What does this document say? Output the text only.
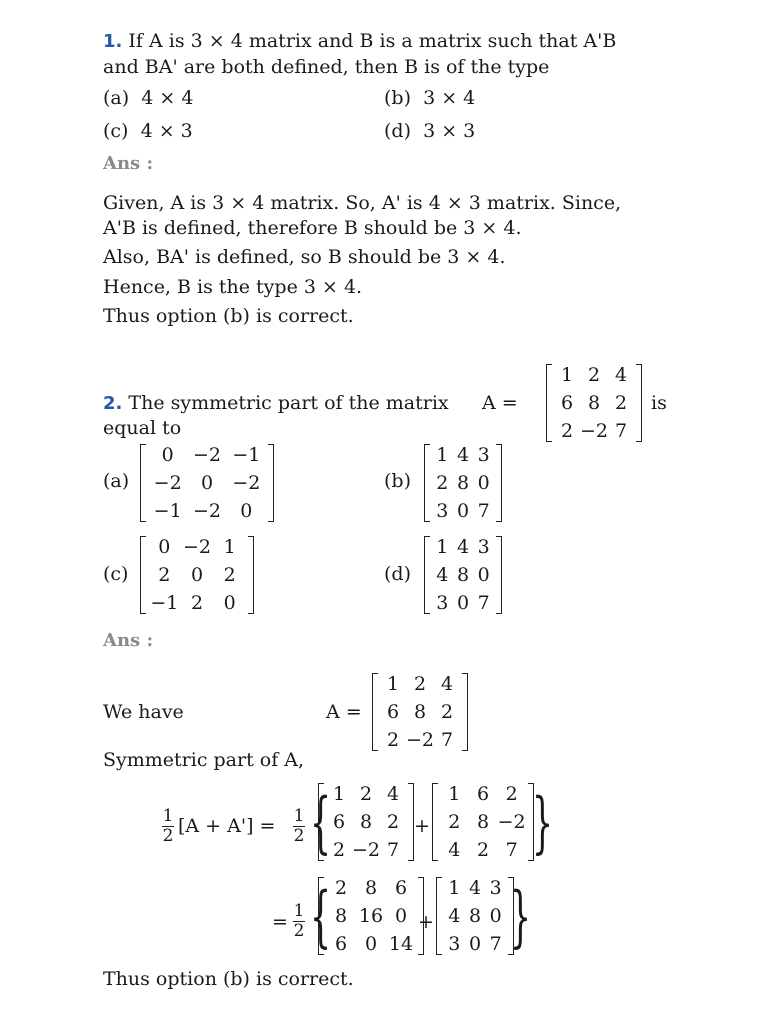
1. If A is 3 × 4 matrix and B is a matrix such that A'B
and BA' are both defined, then B is of the type
(a) 4 × 4	(b) 3 × 4
(c) 4 × 3	(d) 3 × 3
Ans :
Given, A is 3 × 4 matrix. So, A' is 4 × 3 matrix. Since,
A'B is defined, therefore B should be 3 × 4.
Also, BA' is defined, so B should be 3 × 4.
Hence, B is the type 3 × 4.
Thus option (b) is correct.
2. The symmetric part of the matrix A =
1 2 4
6 8 2
2 −2 7
is
equal to
(a)
0	−2 −1
−2	0	−2
−1 −2	0
(b)
1 4 3
2 8 0
3 0 7
(c)
0 −2 1
2	0	2
−1 2	0
(d)
1 4 3
4 8 0
3 0 7
Ans :
We have	A =
1 2 4
6 8 2
2 −2 7
Symmetric part of A,
1
2 [A + A'] = 1
2 { 1 2 4
6 8 2
2 −2 7
+
1 6 2
2 8 −2
4 2 7 }
= 1
2 { 2 8 6
8 16 0
6 0 14
+
1 4 3
4 8 0
3 0 7 }
Thus option (b) is correct.
